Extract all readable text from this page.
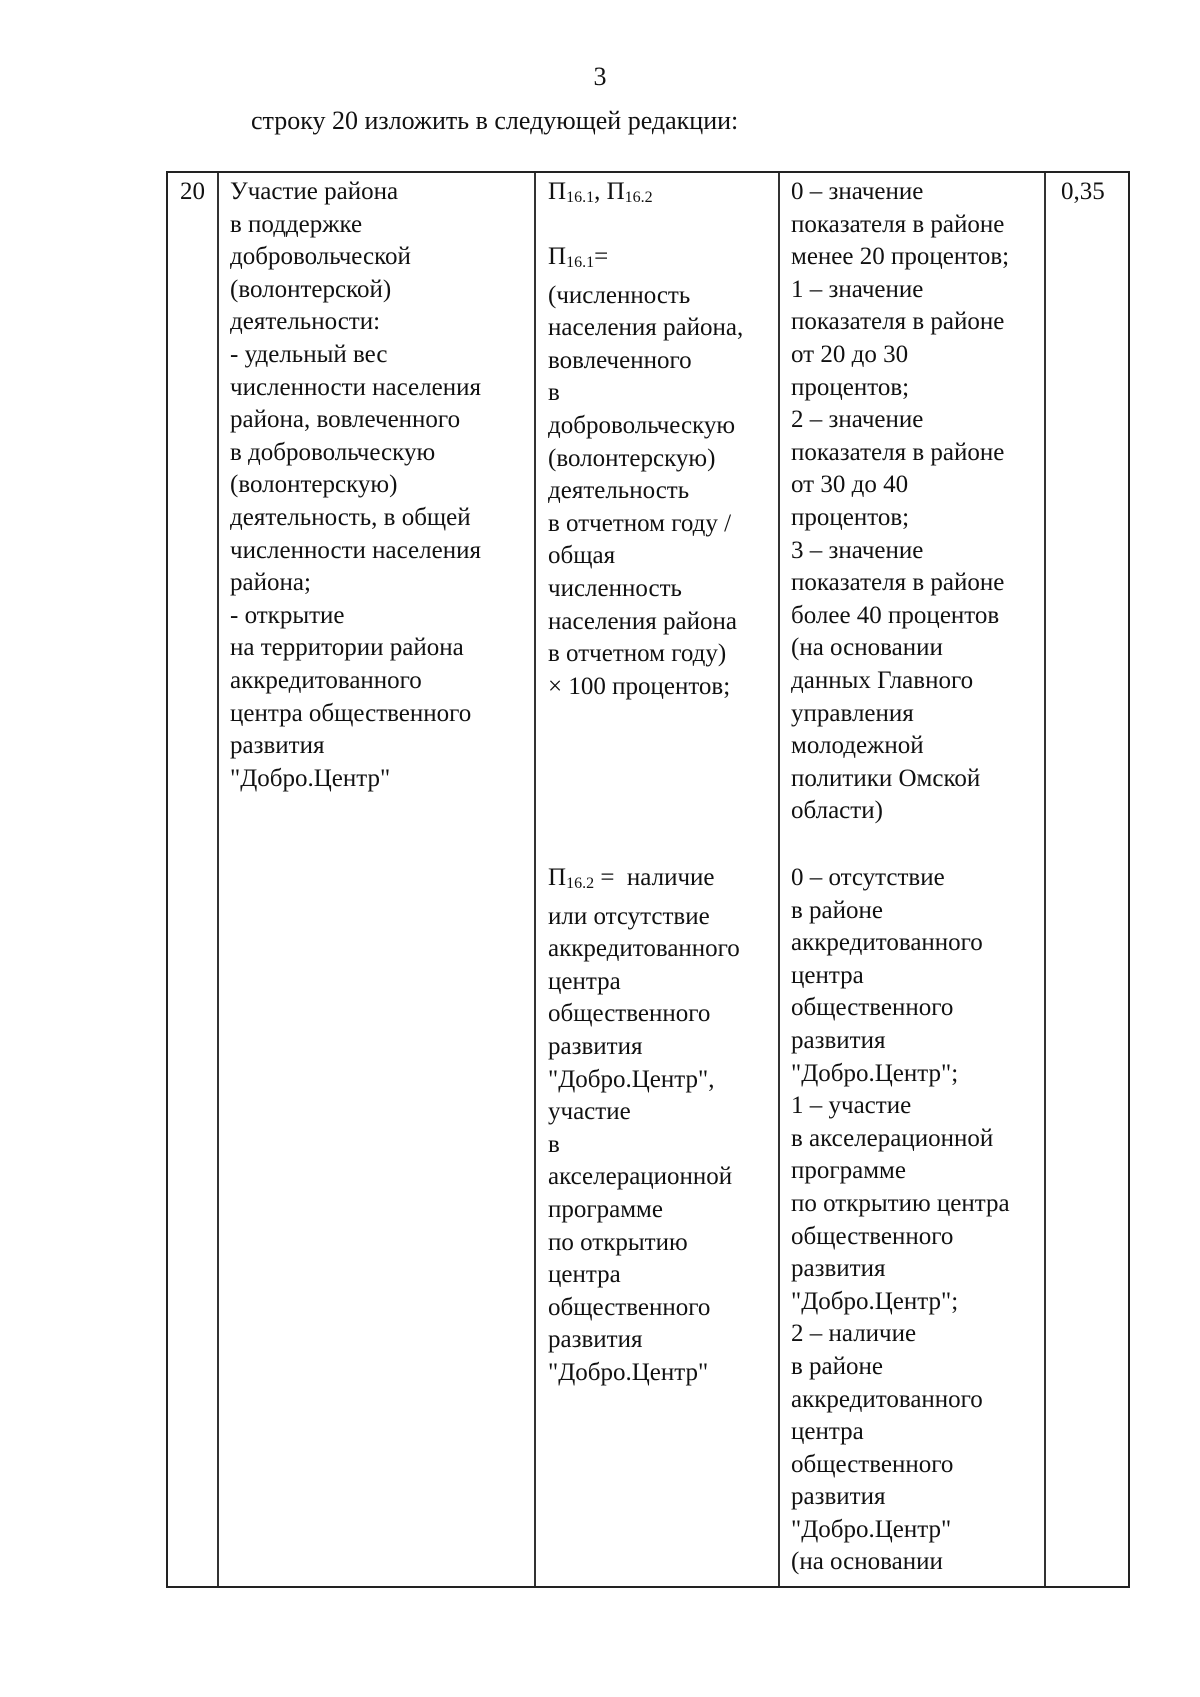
3
строку 20 изложить в следующей редакции:
20 Участие района
в поддержке
добровольческой
(волонтерской)
деятельности:
- удельный вес
численности населения
района, вовлеченного
в добровольческую
(волонтерскую)
деятельность, в общей
численности населения
района;
- открытие
на территории района
аккредитованного
центра общественного
развития
"Добро.Центр"
П16.1, П16.2
П16.1=
(численность
населения района,
вовлеченного
в
добровольческую
(волонтерскую)
деятельность
в отчетном году /
общая
численность
населения района
в отчетном году)
× 100 процентов;
П16.2 =  наличие
или отсутствие
аккредитованного
центра
общественного
развития
"Добро.Центр",
участие
в
акселерационной
программе
по открытию
центра
общественного
развития
"Добро.Центр"
0 – значение
показателя в районе
менее 20 процентов;
1 – значение
показателя в районе
от 20 до 30
процентов;
2 – значение
показателя в районе
от 30 до 40
процентов;
3 – значение
показателя в районе
более 40 процентов
(на основании
данных Главного
управления
молодежной
политики Омской
области)
0 – отсутствие
в районе
аккредитованного
центра
общественного
развития
"Добро.Центр";
1 – участие
в акселерационной
программе
по открытию центра
общественного
развития
"Добро.Центр";
2 – наличие
в районе
аккредитованного
центра
общественного
развития
"Добро.Центр"
(на основании
0,35
